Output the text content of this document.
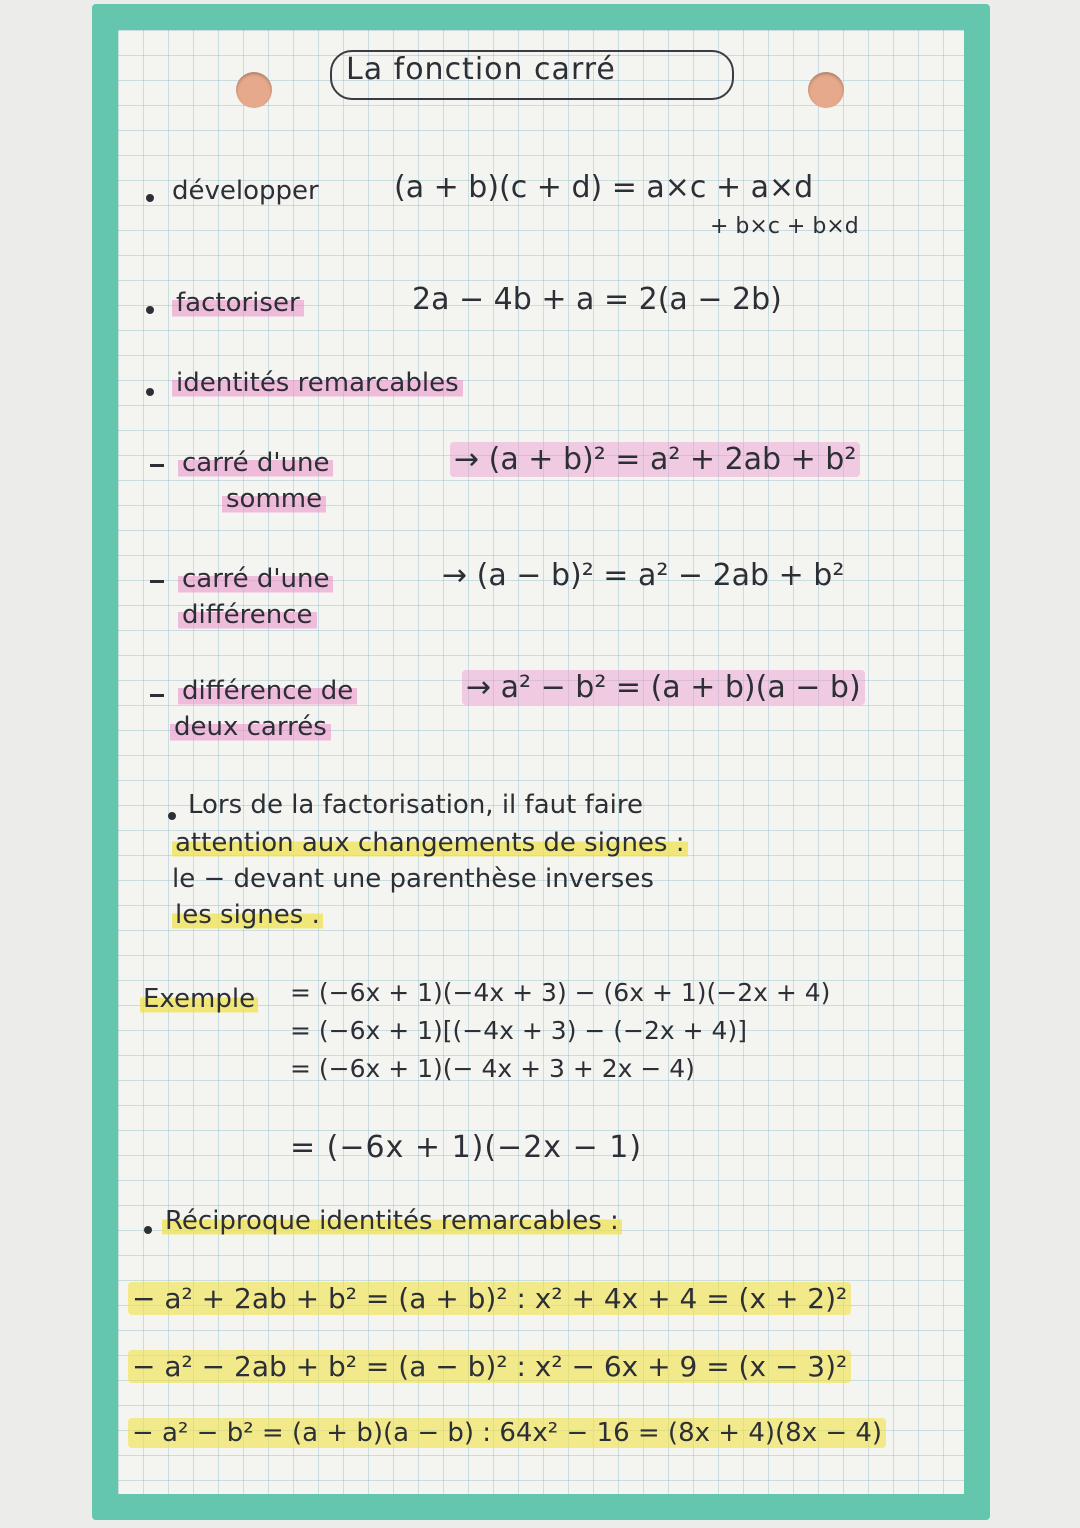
La fonction carré
développer	(a + b)(c + d) = a×c + a×d
+ b×c + b×d
factoriser	2a − 4b + a = 2(a − 2b)
identités remarcables
carré d'une
somme
→ (a + b)² = a² + 2ab + b²
carré d'une
différence
→ (a − b)² = a² − 2ab + b²
différence de
deux carrés
→ a² − b² = (a + b)(a − b)
Lors de la factorisation, il faut faire
attention aux changements de signes :
le − devant une parenthèse inverses
les signes .
Exemple = (−6x + 1)(−4x + 3) − (6x + 1)(−2x + 4)
= (−6x + 1)[(−4x + 3) − (−2x + 4)]
= (−6x + 1)(− 4x + 3 + 2x − 4)
= (−6x + 1)(−2x − 1)
Réciproque identités remarcables :
− a² + 2ab + b² = (a + b)² : x² + 4x + 4 = (x + 2)²
− a² − 2ab + b² = (a − b)² : x² − 6x + 9 = (x − 3)²
− a² − b² = (a + b)(a − b) : 64x² − 16 = (8x + 4)(8x − 4)
